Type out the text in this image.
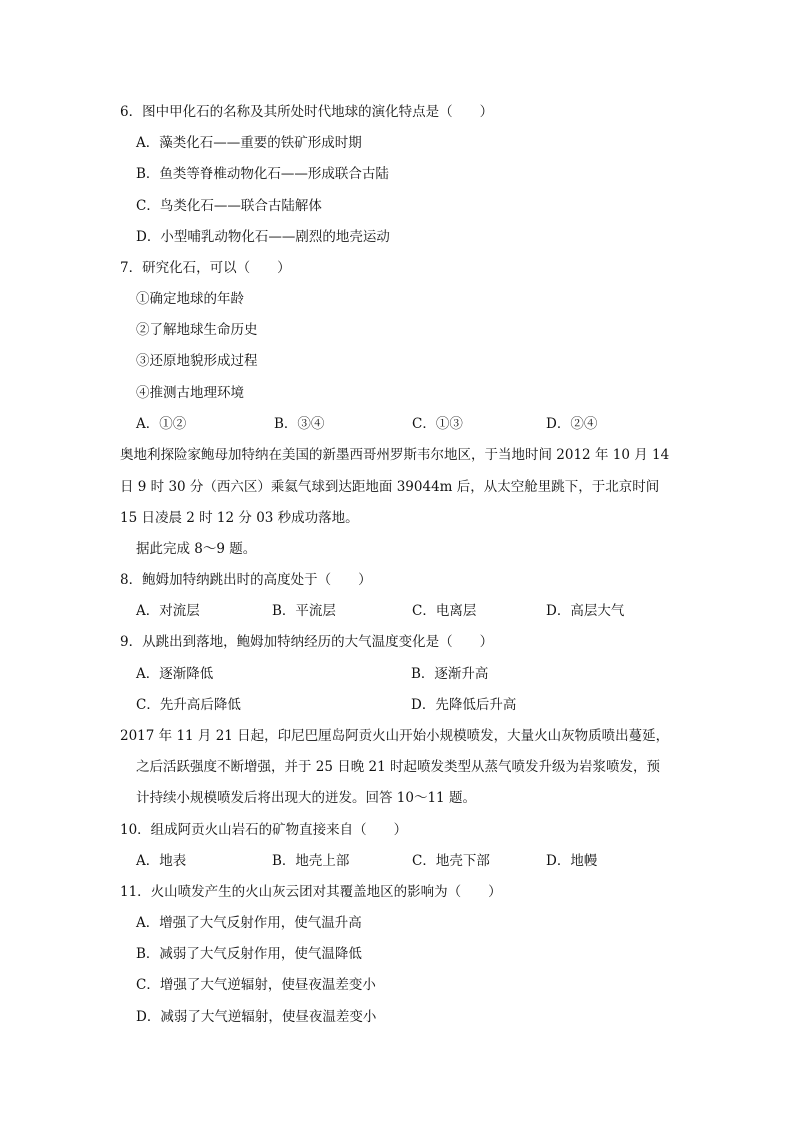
6．图中甲化石的名称及其所处时代地球的演化特点是（　　）
A．藻类化石——重要的铁矿形成时期
B．鱼类等脊椎动物化石——形成联合古陆
C．鸟类化石——联合古陆解体
D．小型哺乳动物化石——剧烈的地壳运动
7．研究化石，可以（　　）
①确定地球的年龄
②了解地球生命历史
③还原地貌形成过程
④推测古地理环境
A．①②	B．③④	C．①③	D．②④
奥地利探险家鲍母加特纳在美国的新墨西哥州罗斯韦尔地区，于当地时间 2012 年 10 月 14
日 9 时 30 分（西六区）乘氦气球到达距地面 39044m 后，从太空舱里跳下，于北京时间
15 日凌晨 2 时 12 分 03 秒成功落地。
据此完成 8～9 题。
8．鲍姆加特纳跳出时的高度处于（　　）
A．对流层	B．平流层	C．电离层	D．高层大气
9．从跳出到落地，鲍姆加特纳经历的大气温度变化是（　　）
A．逐渐降低	B．逐渐升高
C．先升高后降低	D．先降低后升高
2017 年 11 月 21 日起，印尼巴厘岛阿贡火山开始小规模喷发，大量火山灰物质喷出蔓延，
之后活跃强度不断增强，并于 25 日晚 21 时起喷发类型从蒸气喷发升级为岩浆喷发，预
计持续小规模喷发后将出现大的迸发。回答 10～11 题。
10．组成阿贡火山岩石的矿物直接来自（　　）
A．地表	B．地壳上部	C．地壳下部	D．地幔
11．火山喷发产生的火山灰云团对其覆盖地区的影响为（　　）
A．增强了大气反射作用，使气温升高
B．减弱了大气反射作用，使气温降低
C．增强了大气逆辐射，使昼夜温差变小
D．减弱了大气逆辐射，使昼夜温差变小
